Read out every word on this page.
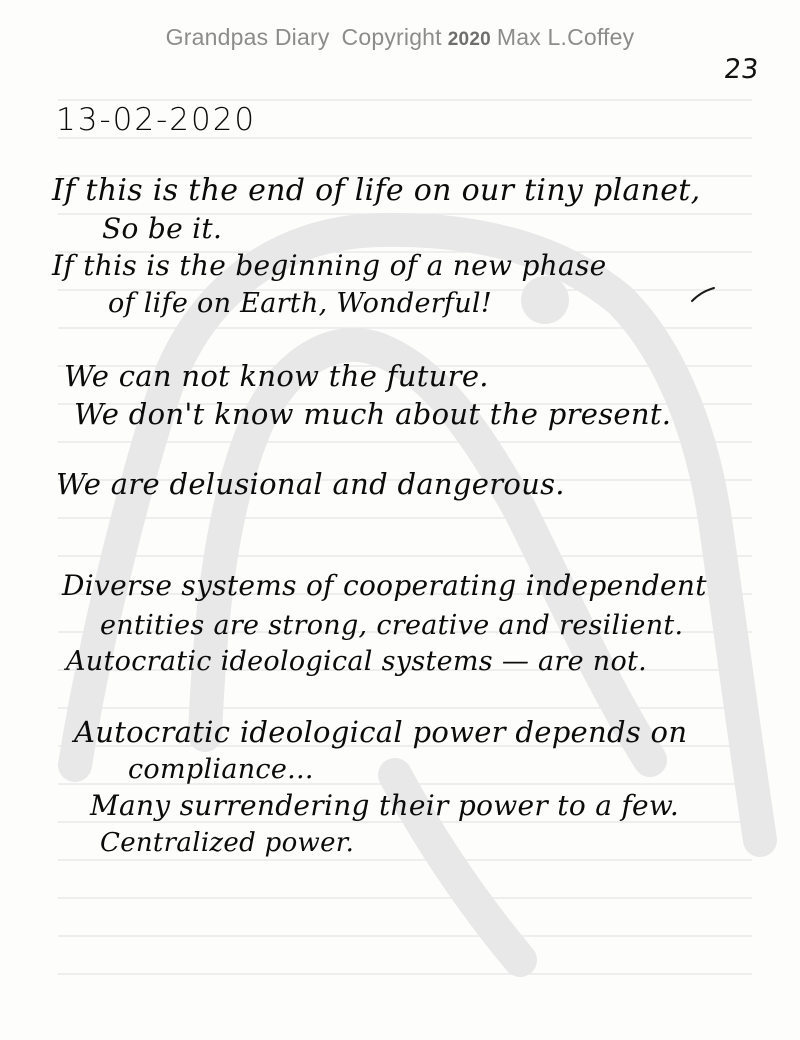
Grandpas Diary Copyright 2020 Max L.Coffey
23
13-02-2020
If this is the end of life on our tiny planet,
So be it.
If this is the beginning of a new phase
of life on Earth, Wonderful!
We can not know the future.
We don't know much about the present.
We are delusional and dangerous.
Diverse systems of cooperating independent
entities are strong, creative and resilient.
Autocratic ideological systems — are not.
Autocratic ideological power depends on
compliance...
Many surrendering their power to a few.
Centralized power.
